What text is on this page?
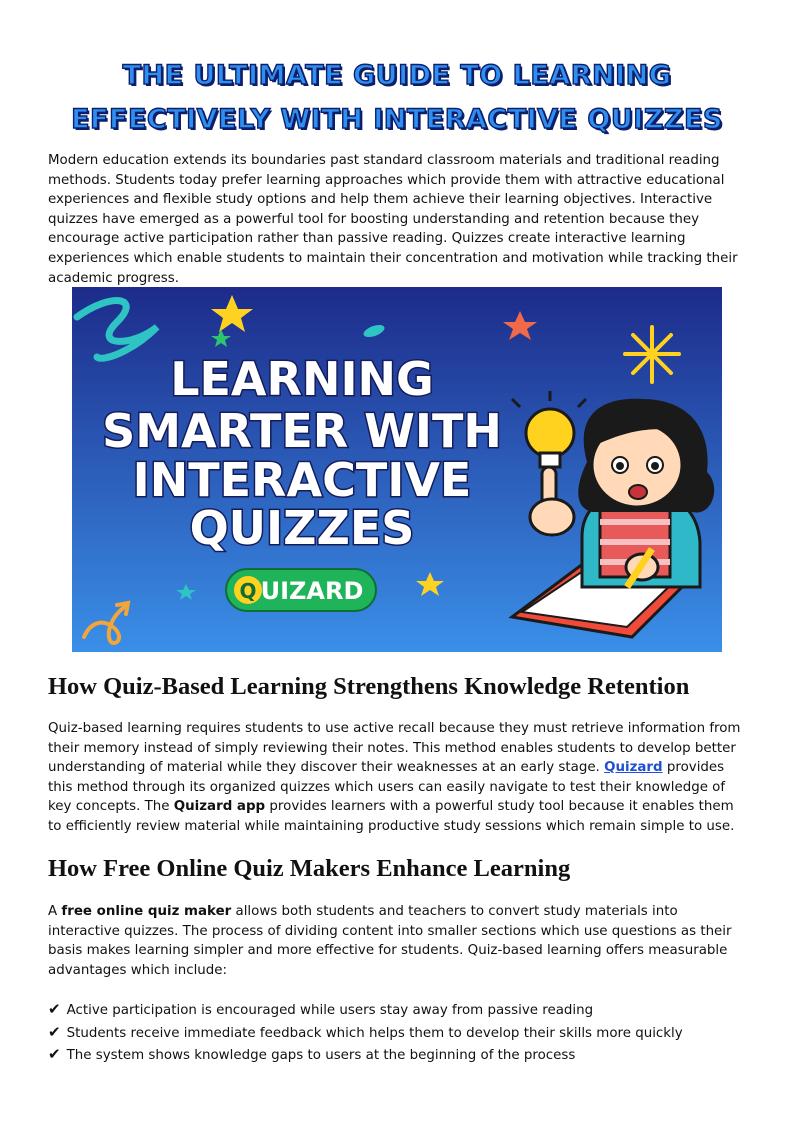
THE ULTIMATE GUIDE TO LEARNING
EFFECTIVELY WITH INTERACTIVE QUIZZES

Modern education extends its boundaries past standard classroom materials and traditional reading methods. Students today prefer learning approaches which provide them with attractive educational experiences and flexible study options and help them achieve their learning objectives. Interactive quizzes have emerged as a powerful tool for boosting understanding and retention because they encourage active participation rather than passive reading. Quizzes create interactive learning experiences which enable students to maintain their concentration and motivation while tracking their academic progress.

LEARNING
SMARTER WITH
INTERACTIVE
QUIZZES
Q UIZARD
How Quiz-Based Learning Strengthens Knowledge Retention

Quiz-based learning requires students to use active recall because they must retrieve information from their memory instead of simply reviewing their notes. This method enables students to develop better understanding of material while they discover their weaknesses at an early stage. Quizard provides this method through its organized quizzes which users can easily navigate to test their knowledge of key concepts. The Quizard app provides learners with a powerful study tool because it enables them to efficiently review material while maintaining productive study sessions which remain simple to use.

How Free Online Quiz Makers Enhance Learning

A free online quiz maker allows both students and teachers to convert study materials into interactive quizzes. The process of dividing content into smaller sections which use questions as their basis makes learning simpler and more effective for students. Quiz-based learning offers measurable advantages which include:

✔ Active participation is encouraged while users stay away from passive reading
✔ Students receive immediate feedback which helps them to develop their skills more quickly
✔ The system shows knowledge gaps to users at the beginning of the process
